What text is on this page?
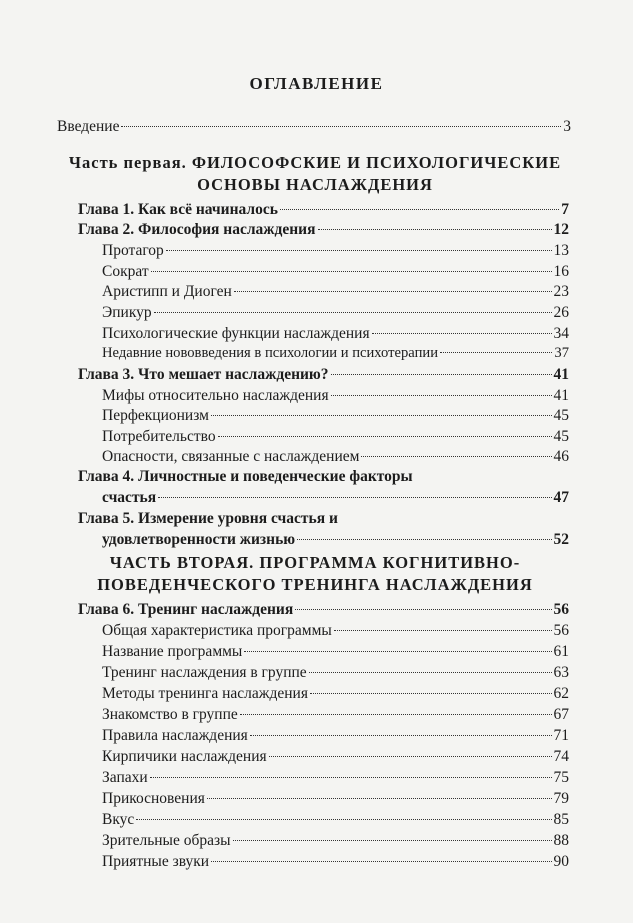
ОГЛАВЛЕНИЕ
Введение	3
Часть первая. ФИЛОСОФСКИЕ И ПСИХОЛОГИЧЕСКИЕ
ОСНОВЫ НАСЛАЖДЕНИЯ
Глава 1. Как всё начиналось	7
Глава 2. Философия наслаждения	12
Протагор	13
Сократ	16
Аристипп и Диоген	23
Эпикур	26
Психологические функции наслаждения	34
Недавние нововведения в психологии и психотерапии	37
Глава 3. Что мешает наслаждению?	41
Мифы относительно наслаждения	41
Перфекционизм	45
Потребительство	45
Опасности, связанные с наслаждением	46
Глава 4. Личностные и поведенческие факторы
счастья	47
Глава 5. Измерение уровня счастья и
удовлетворенности жизнью	52
ЧАСТЬ ВТОРАЯ. ПРОГРАММА КОГНИТИВНО-
ПОВЕДЕНЧЕСКОГО ТРЕНИНГА НАСЛАЖДЕНИЯ
Глава 6. Тренинг наслаждения	56
Общая характеристика программы	56
Название программы	61
Тренинг наслаждения в группе	63
Методы тренинга наслаждения	62
Знакомство в группе	67
Правила наслаждения	71
Кирпичики наслаждения	74
Запахи	75
Прикосновения	79
Вкус	85
Зрительные образы	88
Приятные звуки	90
